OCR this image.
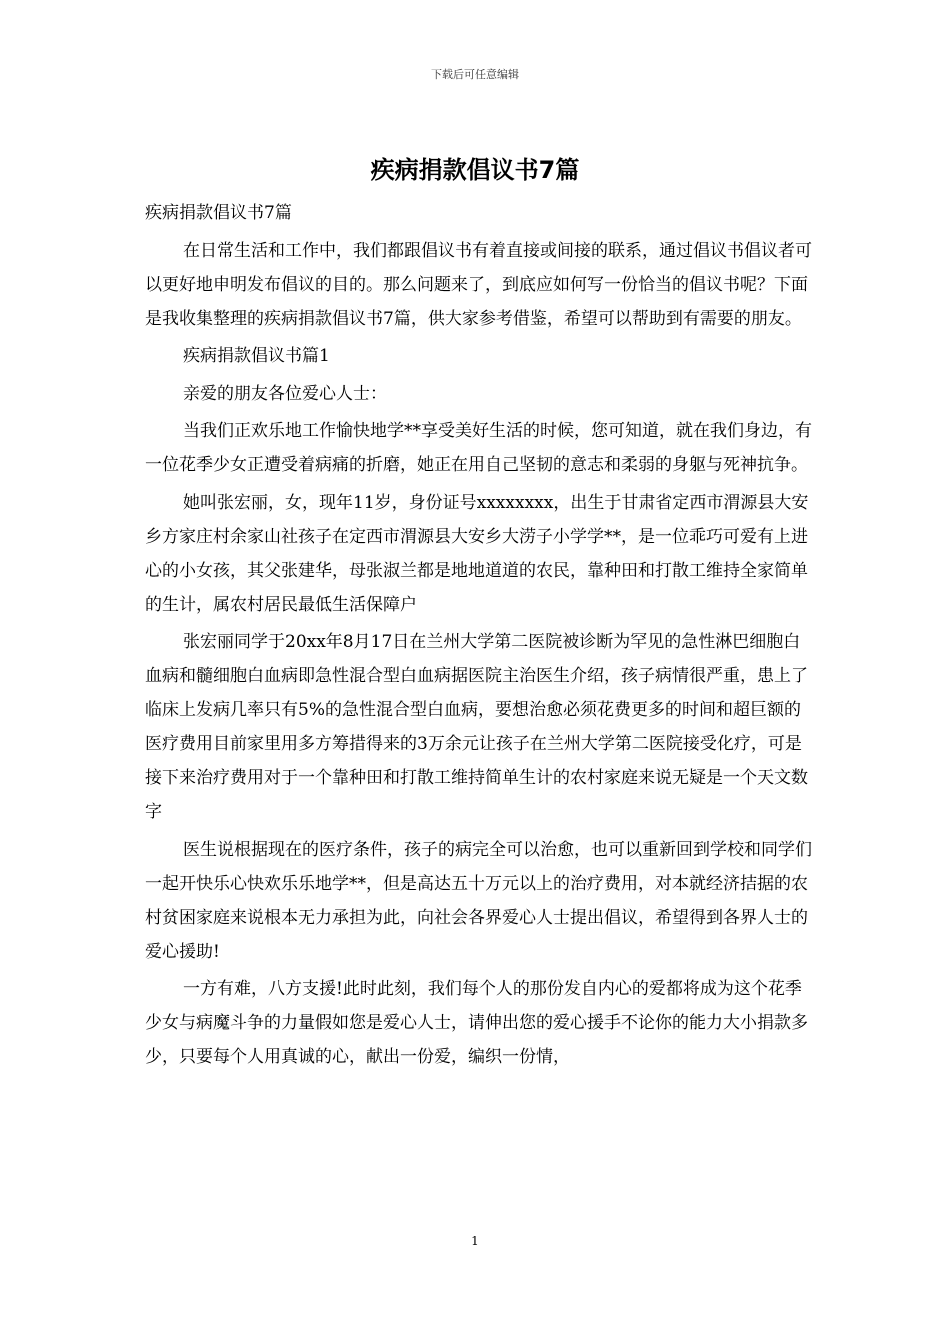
下载后可任意编辑
疾病捐款倡议书7篇

疾病捐款倡议书7篇

在日常生活和工作中，我们都跟倡议书有着直接或间接的联系，通过倡议书倡议者可以更好地申明发布倡议的目的。那么问题来了，到底应如何写一份恰当的倡议书呢？下面是我收集整理的疾病捐款倡议书7篇，供大家参考借鉴，希望可以帮助到有需要的朋友。

疾病捐款倡议书篇1

亲爱的朋友各位爱心人士：

当我们正欢乐地工作愉快地学**享受美好生活的时候，您可知道，就在我们身边，有一位花季少女正遭受着病痛的折磨，她正在用自己坚韧的意志和柔弱的身躯与死神抗争。

她叫张宏丽，女，现年11岁，身份证号xxxxxxxx，出生于甘肃省定西市渭源县大安乡方家庄村余家山社孩子在定西市渭源县大安乡大涝子小学学**，是一位乖巧可爱有上进心的小女孩，其父张建华，母张淑兰都是地地道道的农民，靠种田和打散工维持全家简单的生计，属农村居民最低生活保障户

张宏丽同学于20xx年8月17日在兰州大学第二医院被诊断为罕见的急性淋巴细胞白血病和髓细胞白血病即急性混合型白血病据医院主治医生介绍，孩子病情很严重，患上了临床上发病几率只有5%的急性混合型白血病，要想治愈必须花费更多的时间和超巨额的医疗费用目前家里用多方筹措得来的3万余元让孩子在兰州大学第二医院接受化疗，可是接下来治疗费用对于一个靠种田和打散工维持简单生计的农村家庭来说无疑是一个天文数字

医生说根据现在的医疗条件，孩子的病完全可以治愈，也可以重新回到学校和同学们一起开快乐心快欢乐乐地学**，但是高达五十万元以上的治疗费用，对本就经济拮据的农村贫困家庭来说根本无力承担为此，向社会各界爱心人士提出倡议，希望得到各界人士的爱心援助!

一方有难，八方支援!此时此刻，我们每个人的那份发自内心的爱都将成为这个花季少女与病魔斗争的力量假如您是爱心人士，请伸出您的爱心援手不论你的能力大小捐款多少，只要每个人用真诚的心，献出一份爱，编织一份情，

1
